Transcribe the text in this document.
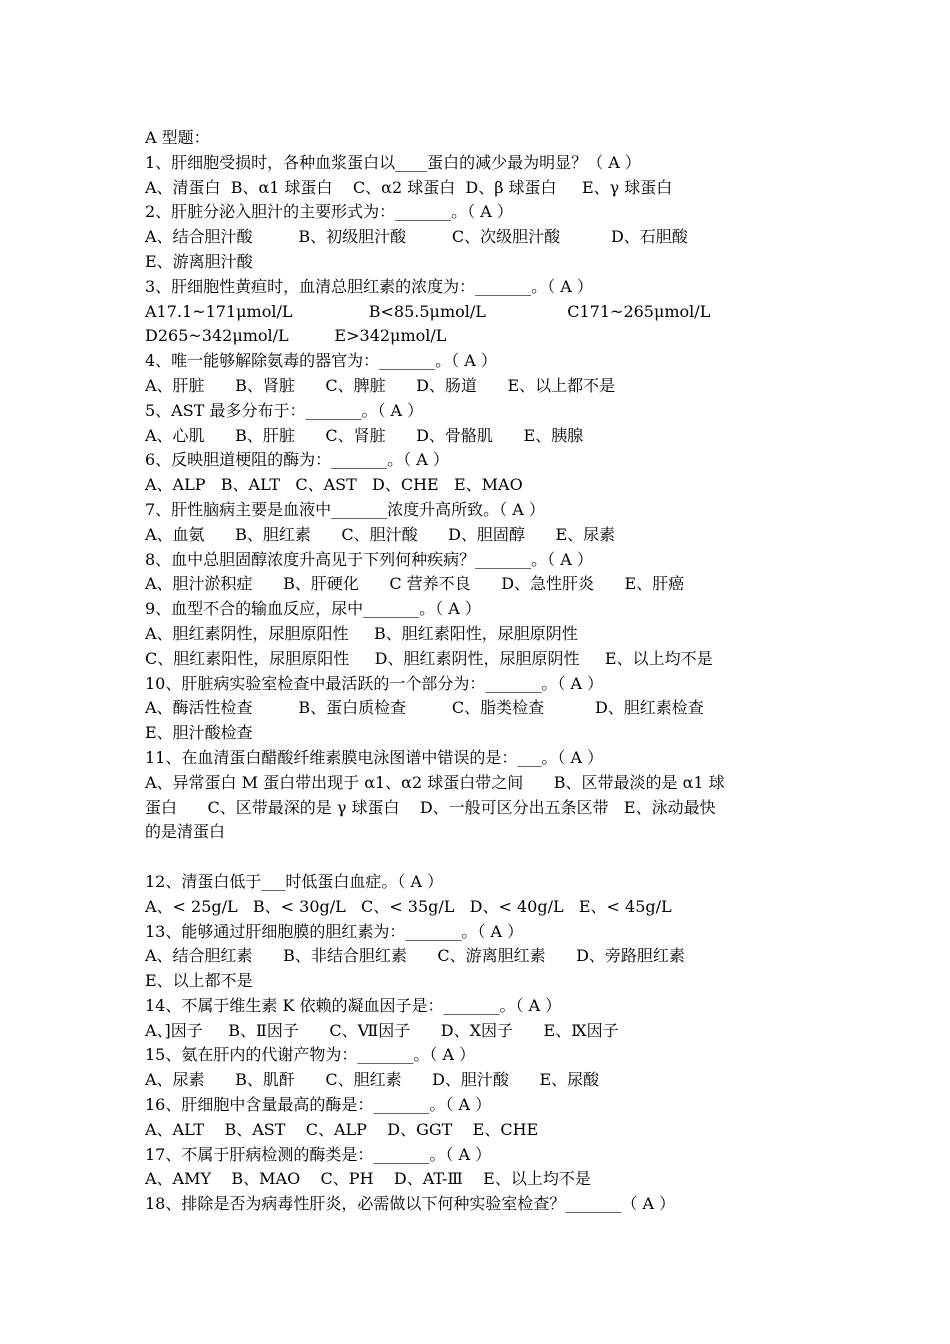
A 型题：
1、肝细胞受损时，各种血浆蛋白以____蛋白的减少最为明显？（ A ）
A、清蛋白  B、α1 球蛋白    C、α2 球蛋白  D、β 球蛋白     E、γ 球蛋白
2、肝脏分泌入胆汁的主要形式为：_______。（ A ）
A、结合胆汁酸         B、初级胆汁酸         C、次级胆汁酸          D、石胆酸
E、游离胆汁酸
3、肝细胞性黄疸时，血清总胆红素的浓度为：_______。（ A ）
A17.1~171μmol/L               B<85.5μmol/L                C171~265μmol/L
D265~342μmol/L         E>342μmol/L
4、唯一能够解除氨毒的器官为：_______。（ A ）
A、肝脏      B、肾脏      C、脾脏      D、肠道      E、以上都不是
5、AST 最多分布于：_______。（ A ）
A、心肌      B、肝脏      C、肾脏      D、骨骼肌      E、胰腺
6、反映胆道梗阻的酶为：_______。（ A ）
A、ALP   B、ALT   C、AST   D、CHE   E、MAO
7、肝性脑病主要是血液中_______浓度升高所致。（ A ）
A、血氨      B、胆红素      C、胆汁酸      D、胆固醇      E、尿素
8、血中总胆固醇浓度升高见于下列何种疾病？_______。（ A ）
A、胆汁淤积症      B、肝硬化      C 营养不良      D、急性肝炎      E、肝癌
9、血型不合的输血反应，尿中_______。（ A ）
A、胆红素阴性，尿胆原阳性     B、胆红素阳性，尿胆原阴性
C、胆红素阳性，尿胆原阳性     D、胆红素阴性，尿胆原阴性     E、以上均不是
10、肝脏病实验室检查中最活跃的一个部分为：_______。（ A ）
A、酶活性检查         B、蛋白质检查         C、脂类检查          D、胆红素检查
E、胆汁酸检查
11、在血清蛋白醋酸纤维素膜电泳图谱中错误的是：___。（ A ）
A、异常蛋白 M 蛋白带出现于 α1、α2 球蛋白带之间      B、区带最淡的是 α1 球
蛋白      C、区带最深的是 γ 球蛋白    D、一般可区分出五条区带   E、泳动最快
的是清蛋白
12、清蛋白低于___时低蛋白血症。（ A ）
A、< 25g/L   B、< 30g/L   C、< 35g/L   D、< 40g/L   E、< 45g/L
13、能够通过肝细胞膜的胆红素为：_______。（ A ）
A、结合胆红素      B、非结合胆红素      C、游离胆红素      D、旁路胆红素
E、以上都不是
14、不属于维生素 K 依赖的凝血因子是：_______。（ A ）
A、]因子     B、Ⅱ因子      C、Ⅶ因子      D、Ⅹ因子      E、Ⅸ因子
15、氨在肝内的代谢产物为：_______。（ A ）
A、尿素      B、肌酐      C、胆红素      D、胆汁酸      E、尿酸
16、肝细胞中含量最高的酶是：_______。（ A ）
A、ALT    B、AST    C、ALP    D、GGT    E、CHE
17、不属于肝病检测的酶类是：_______。（ A ）
A、AMY    B、MAO    C、PH    D、AT-Ⅲ    E、以上均不是
18、排除是否为病毒性肝炎，必需做以下何种实验室检查？_______（ A ）
